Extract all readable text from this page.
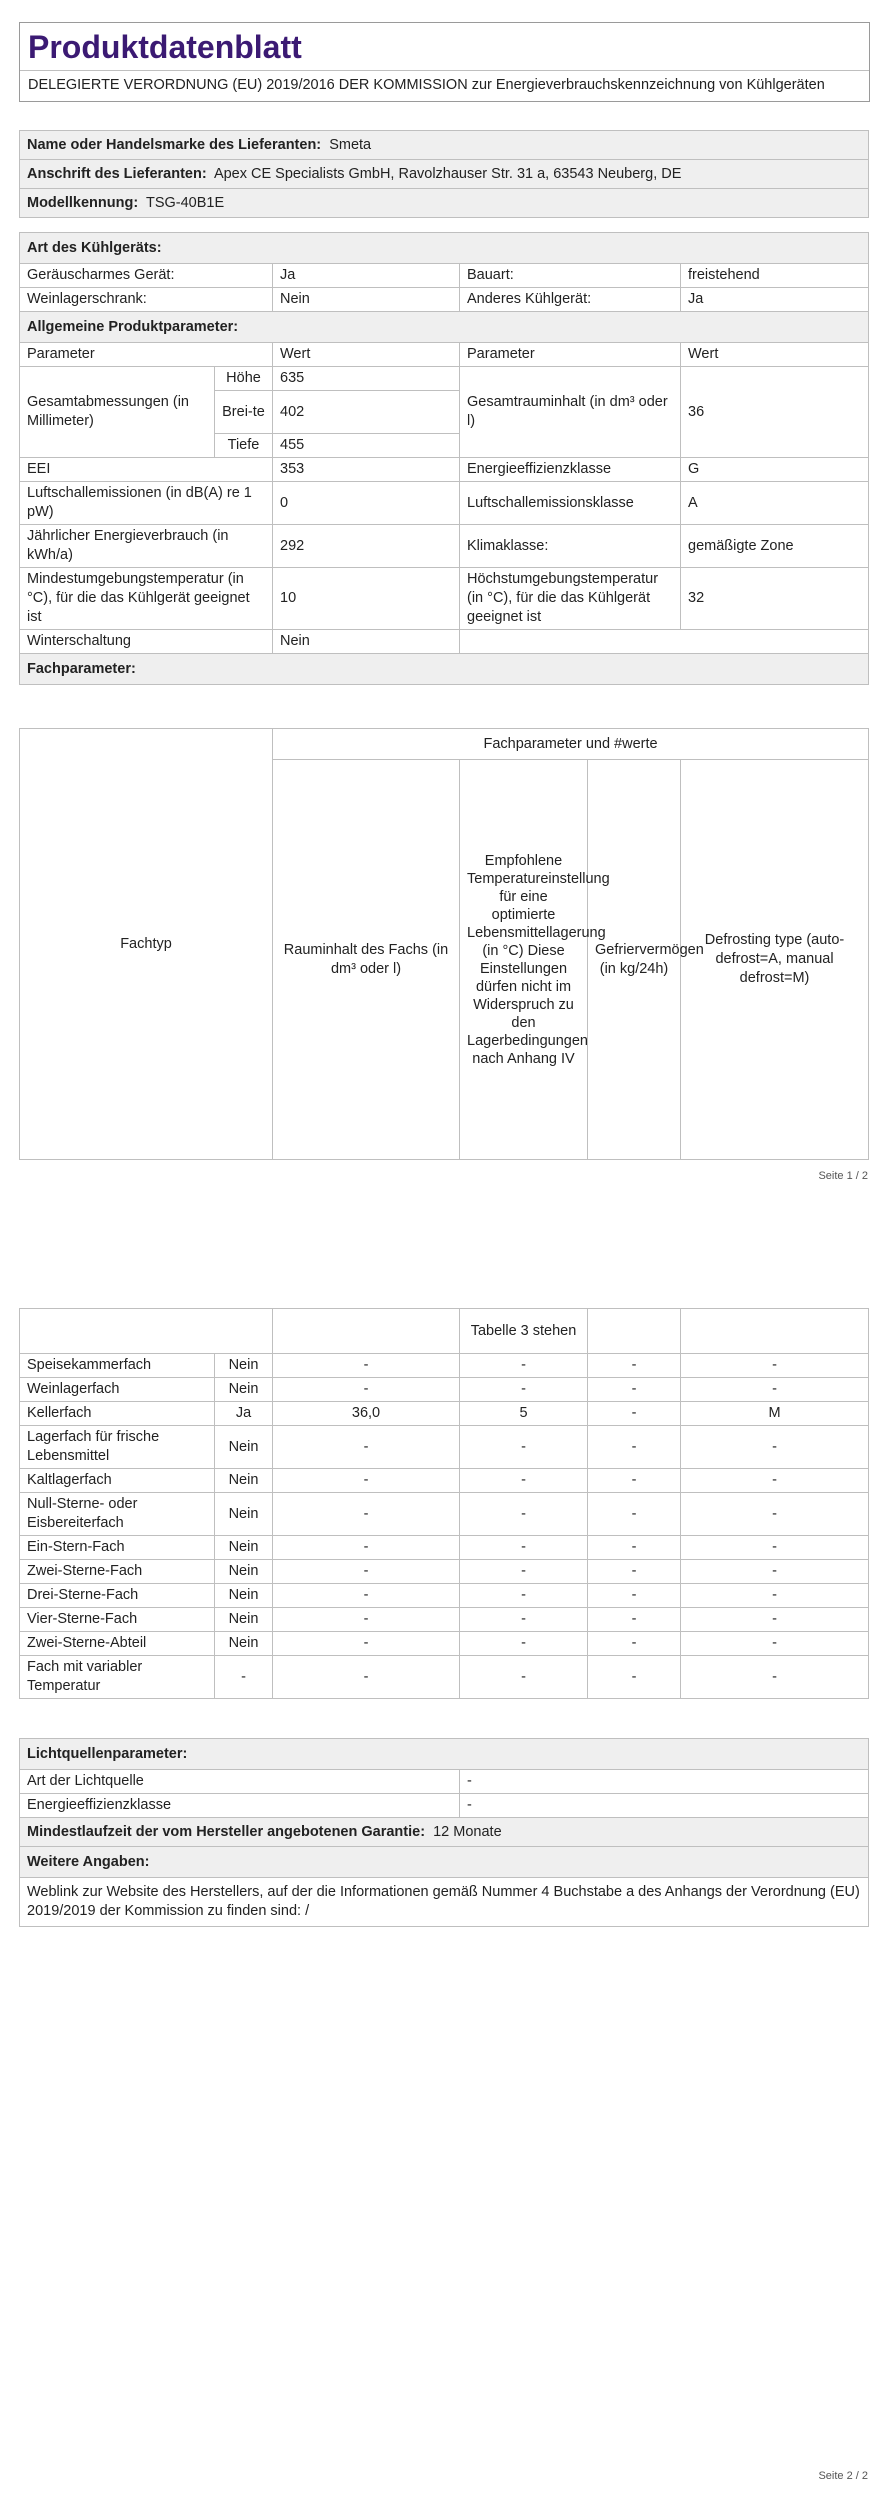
Produktdatenblatt
DELEGIERTE VERORDNUNG (EU) 2019/2016 DER KOMMISSION zur Energieverbrauchskennzeichnung von Kühlgeräten
Name oder Handelsmarke des Lieferanten: Smeta
Anschrift des Lieferanten: Apex CE Specialists GmbH, Ravolzhauser Str. 31 a, 63543 Neuberg, DE
Modellkennung: TSG-40B1E
Art des Kühlgeräts:				
Geräuscharmes Gerät:		Ja	Bauart:	freistehend
Weinlagerschrank:		Nein	Anderes Kühlgerät:	Ja
Allgemeine Produktparameter:				
Parameter		Wert	Parameter	Wert
Gesamtabmessungen (in Millimeter)	Höhe	635	Gesamtrauminhalt (in dm³ oder l)	36
	Brei-te	402		
	Tiefe	455		
EEI		353	Energieeffizienzklasse	G
Luftschallemissionen (in dB(A) re 1 pW)		0	Luftschallemissionsklasse	A
Jährlicher Energieverbrauch (in kWh/a)		292	Klimaklasse:	gemäßigte Zone
Mindestumgebungstemperatur (in °C), für die das Kühlgerät geeignet ist		10	Höchstumgebungstemperatur (in °C), für die das Kühlgerät geeignet ist	32
Winterschaltung		Nein		
Fachparameter:				
Fachtyp	Fachparameter und #werte			
	Rauminhalt des Fachs (in dm³ oder l)	Empfohlene Temperatureinstellung für eine optimierte Lebensmittellagerung (in °C) Diese Einstellungen dürfen nicht im Widerspruch zu den Lagerbedingungen nach Anhang IV	Gefriervermögen (in kg/24h)	Defrosting type (auto-defrost=A, manual defrost=M)
Seite 1 / 2
		Tabelle 3 stehen		
Speisekammerfach	Nein	-	-	-	-
Weinlagerfach	Nein	-	-	-	-
Kellerfach	Ja	36,0	5	-	M
Lagerfach für frische Lebensmittel	Nein	-	-	-	-
Kaltlagerfach	Nein	-	-	-	-
Null-Sterne- oder Eisbereiterfach	Nein	-	-	-	-
Ein-Stern-Fach	Nein	-	-	-	-
Zwei-Sterne-Fach	Nein	-	-	-	-
Drei-Sterne-Fach	Nein	-	-	-	-
Vier-Sterne-Fach	Nein	-	-	-	-
Zwei-Sterne-Abteil	Nein	-	-	-	-
Fach mit variabler Temperatur	-	-	-	-	-
Lichtquellenparameter:	
Art der Lichtquelle	-
Energieeffizienzklasse	-
Mindestlaufzeit der vom Hersteller angebotenen Garantie: 12 Monate	
Weitere Angaben:	
Weblink zur Website des Herstellers, auf der die Informationen gemäß Nummer 4 Buchstabe a des Anhangs der Verordnung (EU) 2019/2019 der Kommission zu finden sind: /	
Seite 2 / 2
